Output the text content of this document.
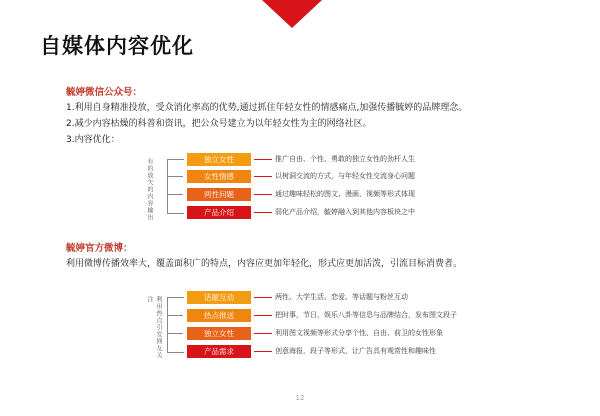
自媒体内容优化
毓婷微信公众号：
1.利用自身精准投放，受众消化率高的优势,通过抓住年轻女性的情感痛点,加强传播毓婷的品牌理念。
2.减少内容枯燥的科普和资讯，把公众号建立为以年轻女性为主的网络社区。
3.内容优化：
有的放矢的内容输出	独立女性	推广自由、个性、勇敢的独立女性的劲杆人生
女性情感	以树洞交流的方式，与年轻女性交流身心问题
两性问题	通过趣味轻松的图文、漫画、视频等形式体现
产品介绍	弱化产品介绍，毓婷融入到其他内容板块之中
毓婷官方微博：
利用微博传播效率大，覆盖面积广的特点，内容应更加年轻化，形式应更加活泼，引流目标消费者。
利用热点引发网友关注	话题互动	两性、大学生活、恋爱、等话题与粉丝互动
热点推送	把时事，节日、娱乐八卦等信息与品牌结合，发布图文段子
独立女性	利用图文视频等形式分享个性、自由、前卫的女性形象
产品需求	创意海报，段子等形式，让广告具有观赏性和趣味性
12
